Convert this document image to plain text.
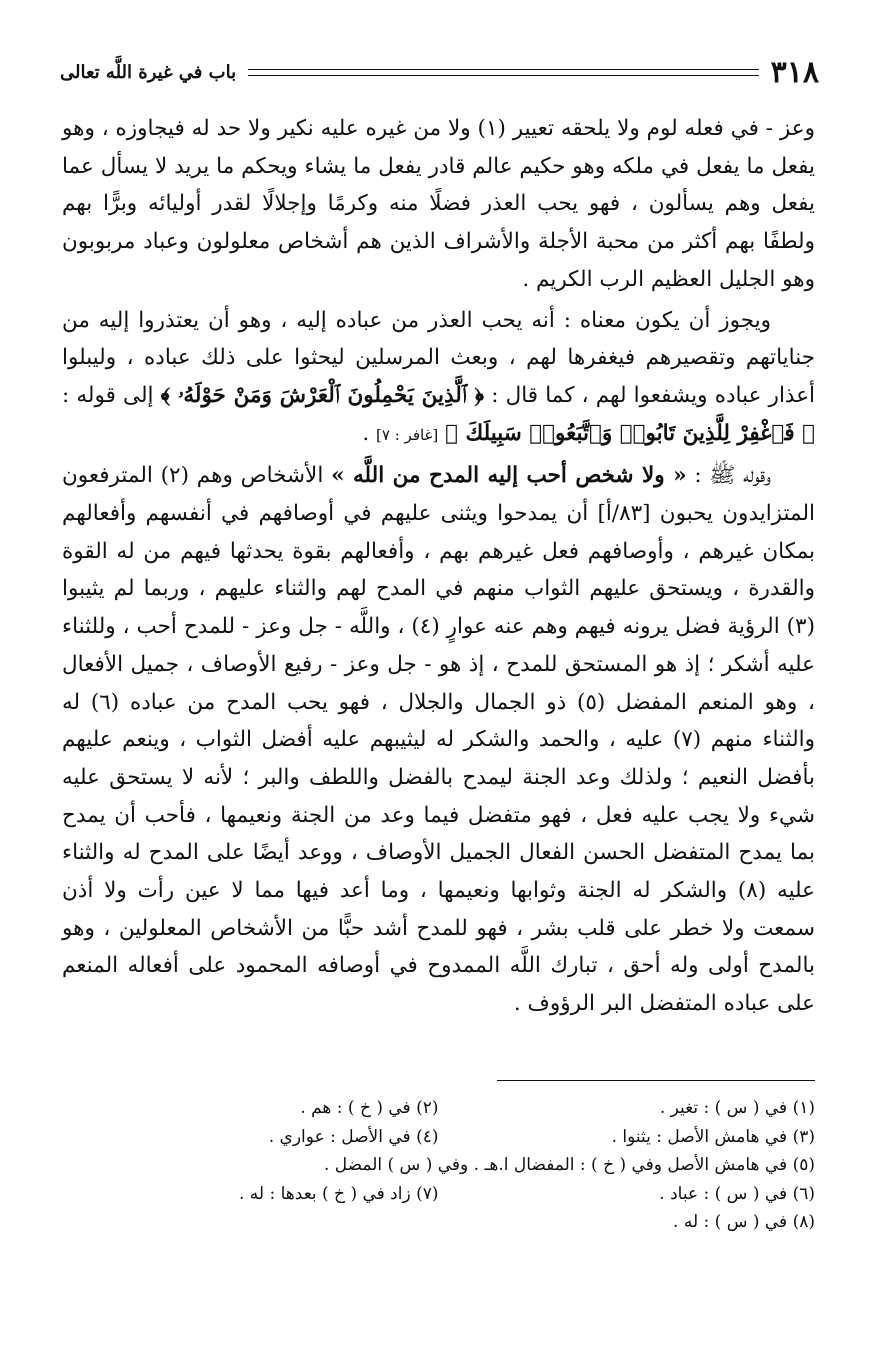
٣١٨
باب في غيرة اللَّه تعالى

وعز - في فعله لوم ولا يلحقه تعيير (١) ولا من غيره عليه نكير ولا حد له فيجاوزه ، وهو يفعل ما يفعل في ملكه وهو حكيم عالم قادر يفعل ما يشاء ويحكم ما يريد لا يسأل عما يفعل وهم يسألون ، فهو يحب العذر فضلًا منه وكرمًا وإجلالًا لقدر أوليائه وبرًّا بهم ولطفًا بهم أكثر من محبة الأجلة والأشراف الذين هم أشخاص معلولون وعباد مربوبون وهو الجليل العظيم الرب الكريم .

ويجوز أن يكون معناه : أنه يحب العذر من عباده إليه ، وهو أن يعتذروا إليه من جناياتهم وتقصيرهم فيغفرها لهم ، وبعث المرسلين ليحثوا على ذلك عباده ، وليبلوا أعذار عباده ويشفعوا لهم ، كما قال : ﴿ ٱلَّذِينَ يَحْمِلُونَ ٱلْعَرْشَ وَمَنْ حَوْلَهُۥ ﴾ إلى قوله : ﴿ فَٱغْفِرْ لِلَّذِينَ تَابُوا۟ وَٱتَّبَعُوا۟ سَبِيلَكَ ﴾ [غافر : ٧] .

وقوله ﷺ : « ولا شخص أحب إليه المدح من اللَّه » الأشخاص وهم (٢) المترفعون المتزايدون يحبون [٨٣/أ] أن يمدحوا ويثنى عليهم في أوصافهم في أنفسهم وأفعالهم بمكان غيرهم ، وأوصافهم فعل غيرهم بهم ، وأفعالهم بقوة يحدثها فيهم من له القوة والقدرة ، ويستحق عليهم الثواب منهم في المدح لهم والثناء عليهم ، وربما لم يثيبوا (٣) الرؤية فضل يرونه فيهم وهم عنه عوارٍ (٤) ، واللَّه - جل وعز - للمدح أحب ، وللثناء عليه أشكر ؛ إذ هو المستحق للمدح ، إذ هو - جل وعز - رفيع الأوصاف ، جميل الأفعال ، وهو المنعم المفضل (٥) ذو الجمال والجلال ، فهو يحب المدح من عباده (٦) له والثناء منهم (٧) عليه ، والحمد والشكر له ليثيبهم عليه أفضل الثواب ، وينعم عليهم بأفضل النعيم ؛ ولذلك وعد الجنة ليمدح بالفضل واللطف والبر ؛ لأنه لا يستحق عليه شيء ولا يجب عليه فعل ، فهو متفضل فيما وعد من الجنة ونعيمها ، فأحب أن يمدح بما يمدح المتفضل الحسن الفعال الجميل الأوصاف ، ووعد أيضًا على المدح له والثناء عليه (٨) والشكر له الجنة وثوابها ونعيمها ، وما أعد فيها مما لا عين رأت ولا أذن سمعت ولا خطر على قلب بشر ، فهو للمدح أشد حبًّا من الأشخاص المعلولين ، وهو بالمدح أولى وله أحق ، تبارك اللَّه الممدوح في أوصافه المحمود على أفعاله المنعم على عباده المتفضل البر الرؤوف .

(١) في ( س ) : تغير .
(٢) في ( خ ) : هم .
(٣) في هامش الأصل : يثنوا .
(٤) في الأصل : عواري .
(٥) في هامش الأصل وفي ( خ ) : المفضال ا.هـ . وفي ( س ) المضل .
(٦) في ( س ) : عباد .
(٧) زاد في ( خ ) بعدها : له .
(٨) في ( س ) : له .
